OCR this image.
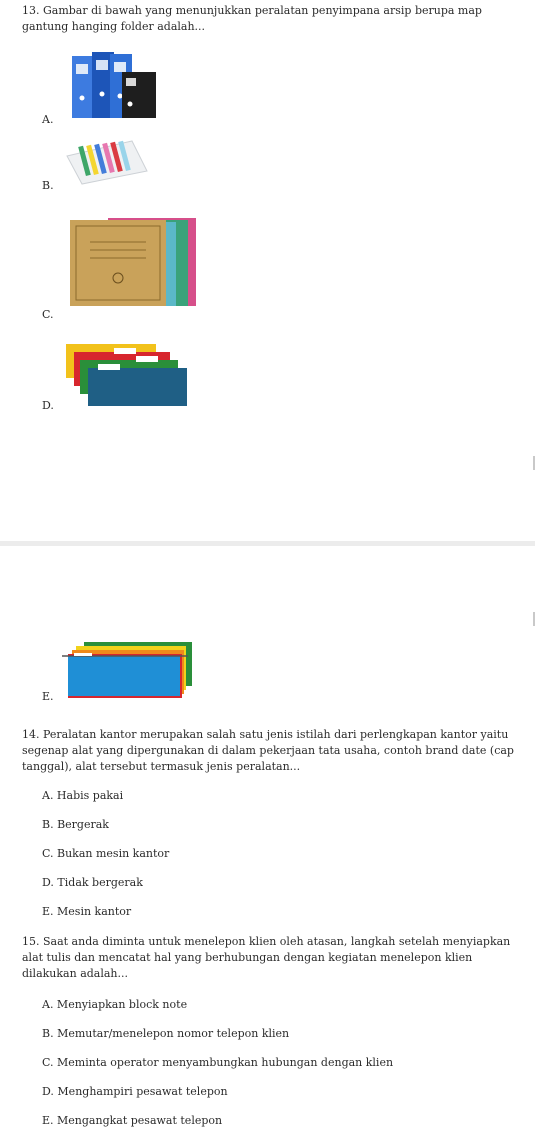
13. Gambar di bawah yang menunjukkan peralatan penyimpana arsip berupa map gantung hanging folder adalah...
A.
B.
C.
D.
E.
14. Peralatan kantor merupakan salah satu jenis istilah dari perlengkapan kantor yaitu segenap alat yang dipergunakan di dalam pekerjaan tata usaha, contoh brand date (cap tanggal), alat tersebut termasuk jenis peralatan...
A. Habis pakai
B. Bergerak
C. Bukan mesin kantor
D. Tidak bergerak
E. Mesin kantor
15. Saat anda diminta untuk menelepon klien oleh atasan, langkah setelah menyiapkan alat tulis dan mencatat hal yang berhubungan dengan kegiatan menelepon klien dilakukan adalah...
A. Menyiapkan block note
B. Memutar/menelepon nomor telepon klien
C. Meminta operator menyambungkan hubungan dengan klien
D. Menghampiri pesawat telepon
E. Mengangkat pesawat telepon
